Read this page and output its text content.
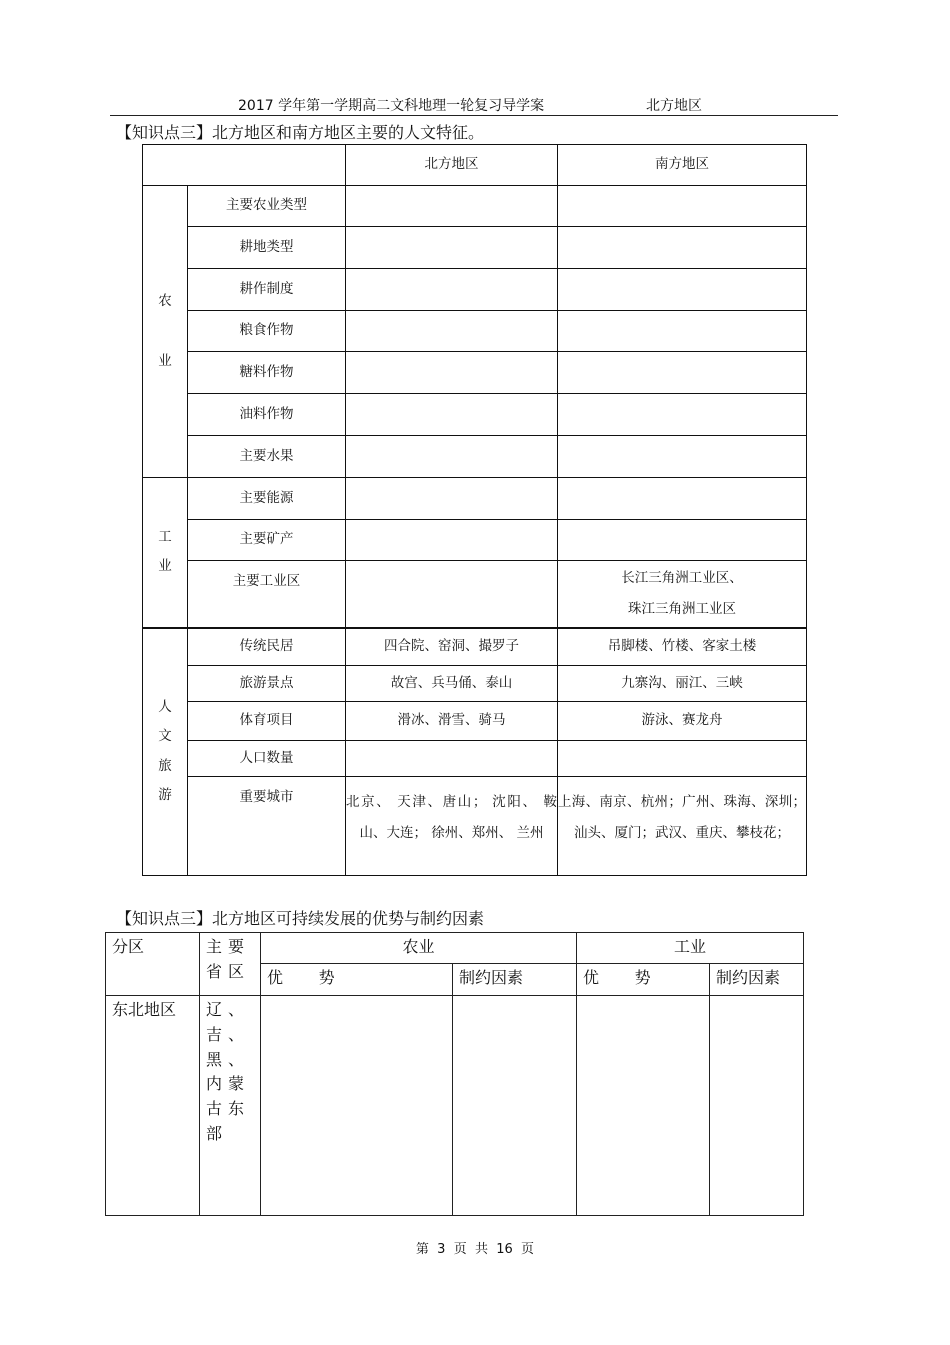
2017 学年第一学期高二文科地理一轮复习导学案	北方地区
【知识点三】北方地区和南方地区主要的人文特征。
		北方地区	南方地区

农
业	主要农业类型		
	耕地类型		
	耕作制度		
	粮食作物		
	糖料作物		
	油料作物		
	主要水果		

工
业	主要能源		
	主要矿产		
	主要工业区		长江三角洲工业区、
珠江三角洲工业区

人
文
旅
游	传统民居	四合院、窑洞、撮罗子	吊脚楼、竹楼、客家土楼
	旅游景点	故宫、兵马俑、泰山	九寨沟、丽江、三峡
	体育项目	滑冰、滑雪、骑马	游泳、赛龙舟
	人口数量		
	重要城市	北京、 天津、唐山； 沈阳、 鞍山、大连； 徐州、郑州、 兰州	上海、南京、杭州；广州、珠海、深圳；汕头、厦门；武汉、重庆、攀枝花；
【知识点三】北方地区可持续发展的优势与制约因素
分区	主要省区	农业		工业	
		优       势	制约因素	优       势	制约因素
东北地区	辽、吉、黑、内蒙古东部				
第  3  页  共  16  页
